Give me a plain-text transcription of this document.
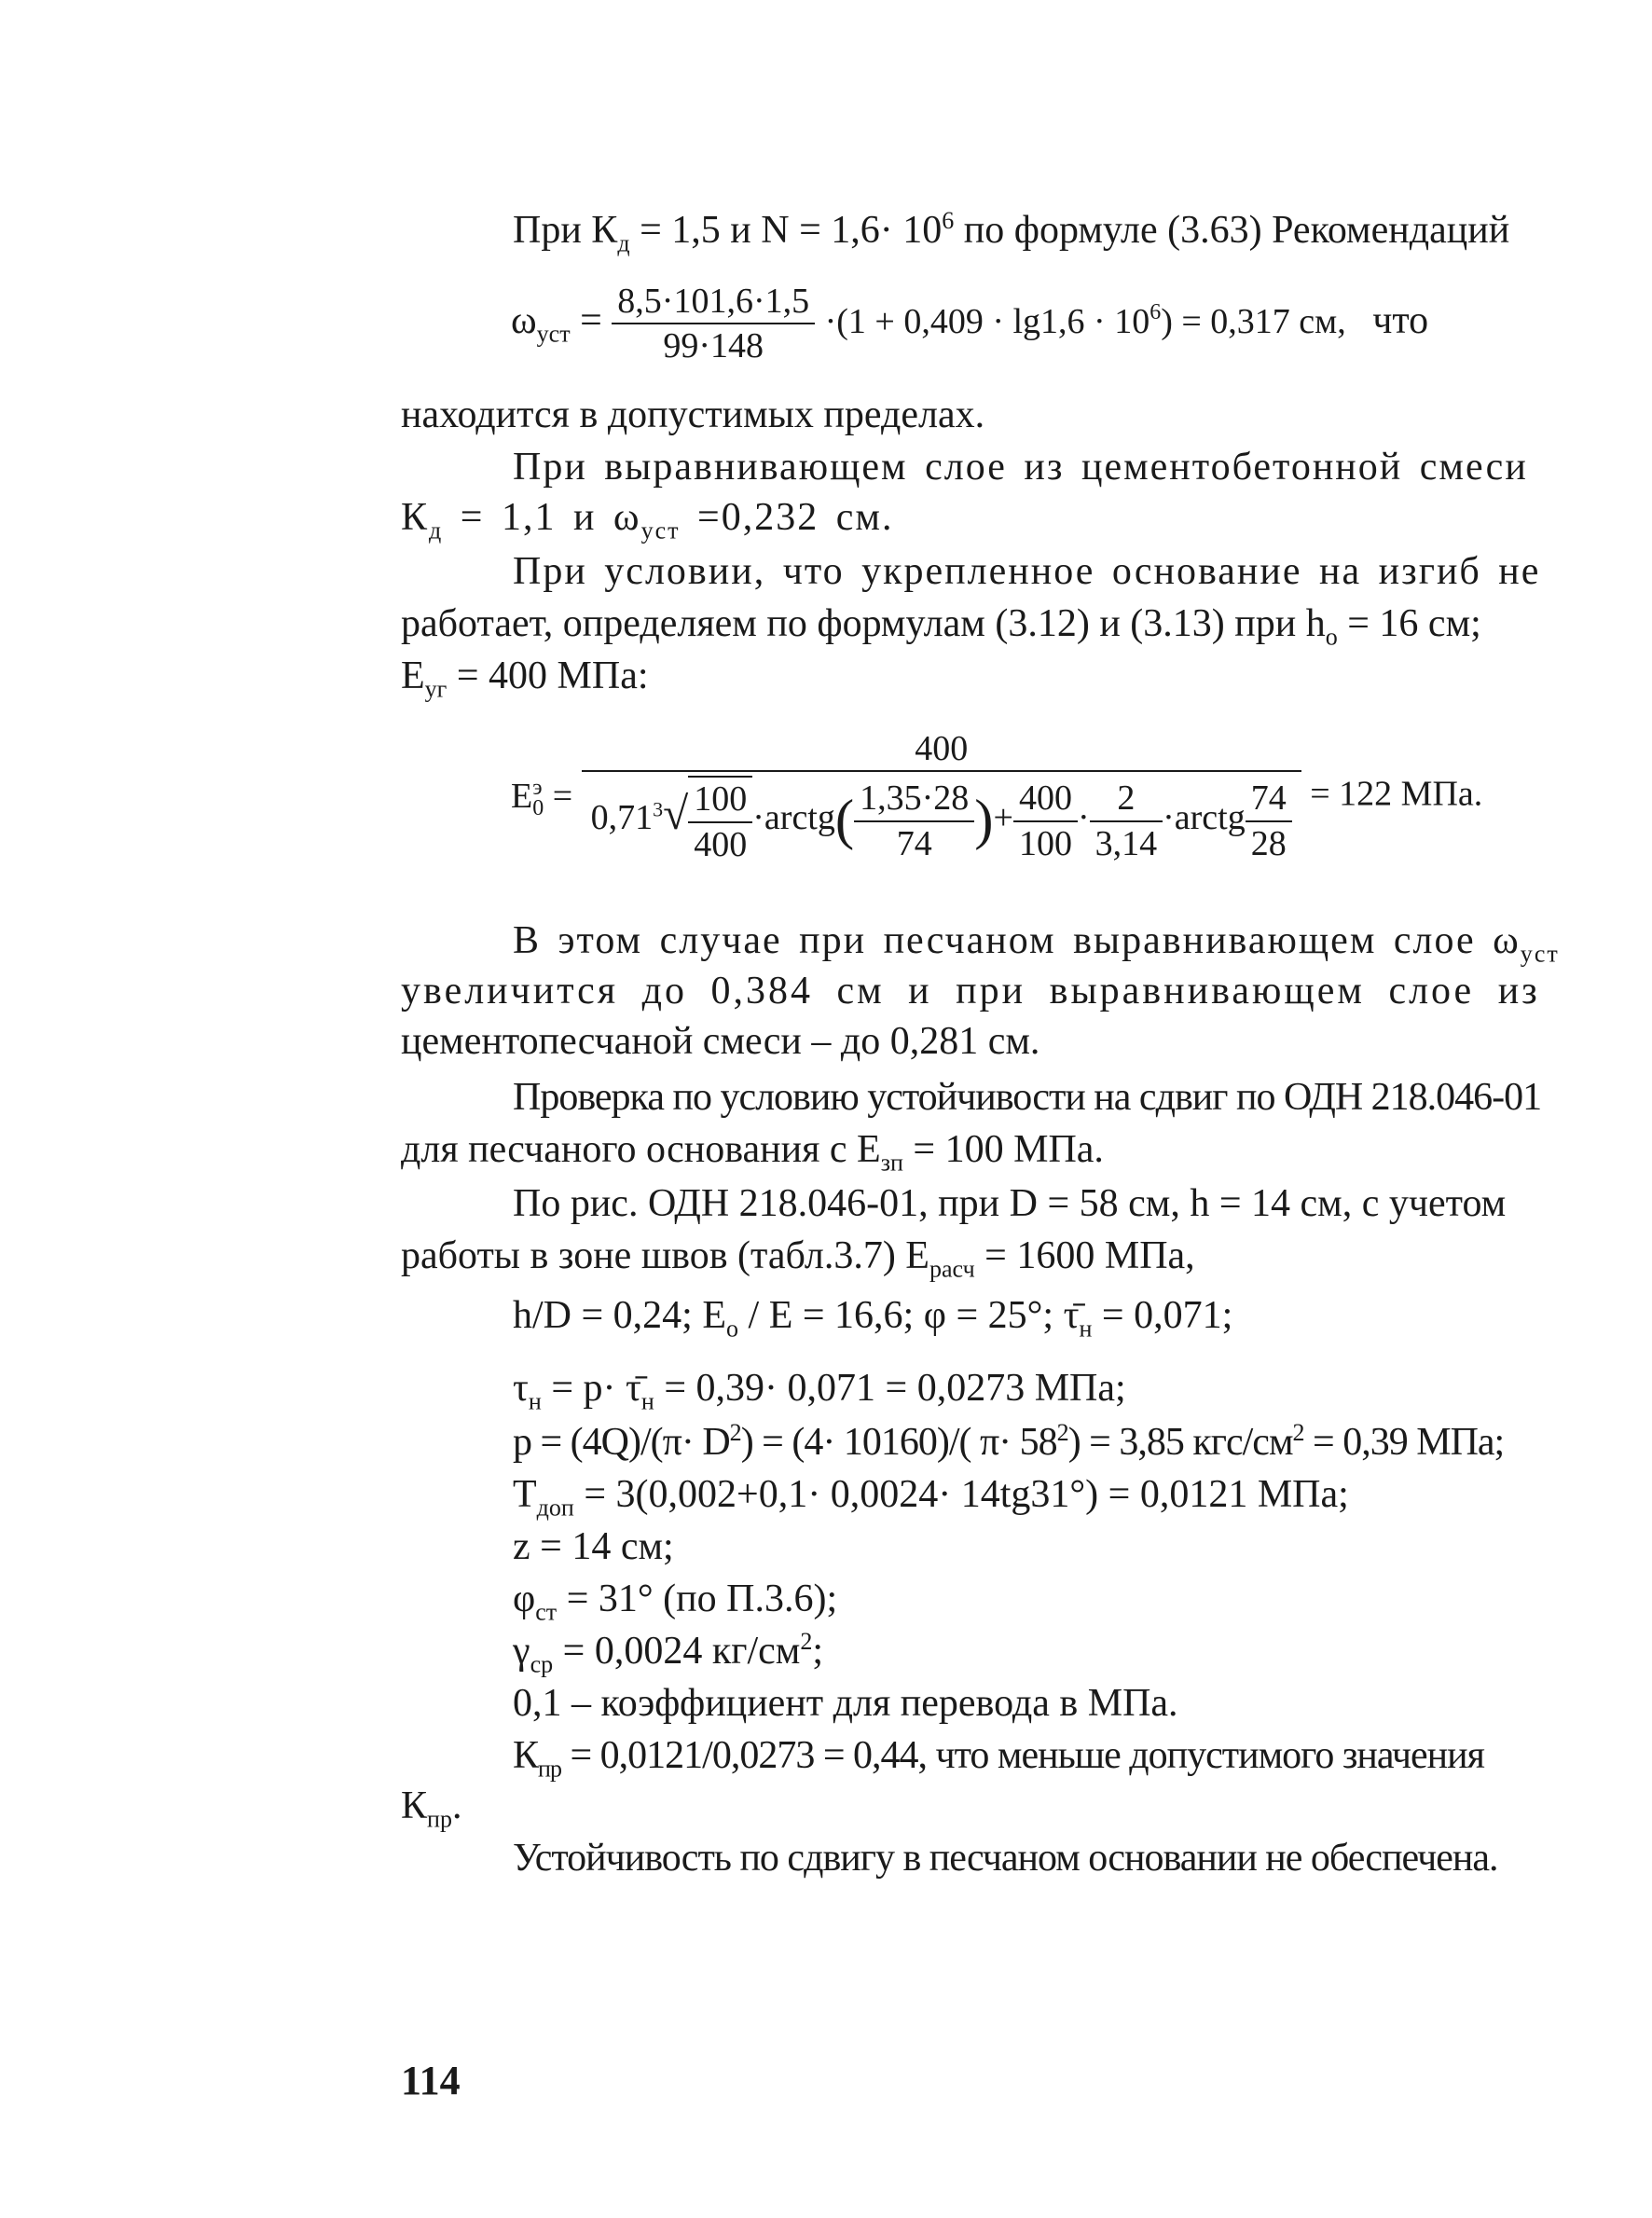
При $К_д = 1,5$ и $N = 1,6\cdot 10^6$ по формуле (3.63) Рекомендаций
$\omega_{уст} = \frac{8,5\cdot 101,6\cdot 1,5}{99\cdot 148} \cdot(1 + 0,409 \cdot \lg 1,6 \cdot 10^6) = 0,317$ см, что
находится в допустимых пределах.
При выравнивающем слое из цементобетонной смеси
$К_д = 1,1$ и $\omega_{уст} =0,232$ см.
При условии, что укрепленное основание на изгиб не
работает, определяем по формулам (3.12) и (3.13) при $h_о = 16$ см;
$Е_{уг} = 400$ МПа:
Е э
$0 = \frac{400}{0,71^3√ \frac{100}{400} \cdot arctg( \frac{1,35\cdot 28}{74} )+ \frac{400}{100} \cdot \frac{2}{3,14} \cdot arctg \frac{74}{28}} = 122$ МПа.
В этом случае при песчаном выравнивающем слое $\omega_{уст}$
увеличится до 0,384 см и при выравнивающем слое из
цементопесчаной смеси – до 0,281 см.
Проверка по условию устойчивости на сдвиг по ОДН 218.046-01
для песчаного основания с $Е_{зп} = 100$ МПа.
По рис. ОДН 218.046-01, при D = 58 см, h = 14 см, с учетом
работы в зоне швов (табл.3.7) $Е_{расч} = 1600$ МПа,
h/D = 0,24; $Е_о / Е = 16,6$; φ = 25°; $\taū_н = 0,071$;
$\tau_н = p\cdot$ $\taū_н = 0,39\cdot 0,071 = 0,0273$ МПа;
$p = (4Q)/(\pi\cdot D^2) = (4\cdot 10160)/$( $\pi\cdot 58^2) = 3,85$ кгс/$см^2 = 0,39$ МПа;
$Т_{доп} = 3(0,002+0,1\cdot 0,0024\cdot 14tg31^\circ) = 0,0121$ МПа;
z = 14 см;
$\varphi_{ст} = 31^\circ$ (по П.3.6);
$\gamma_{ср} = 0,0024$ $кг/см^2$;
0,1 – коэффициент для перевода в МПа.
$К_{пр} = 0,0121/0,0273 = 0,44$, что меньше допустимого значения
$К_{пр}$.
Устойчивость по сдвигу в песчаном основании не обеспечена.
114
